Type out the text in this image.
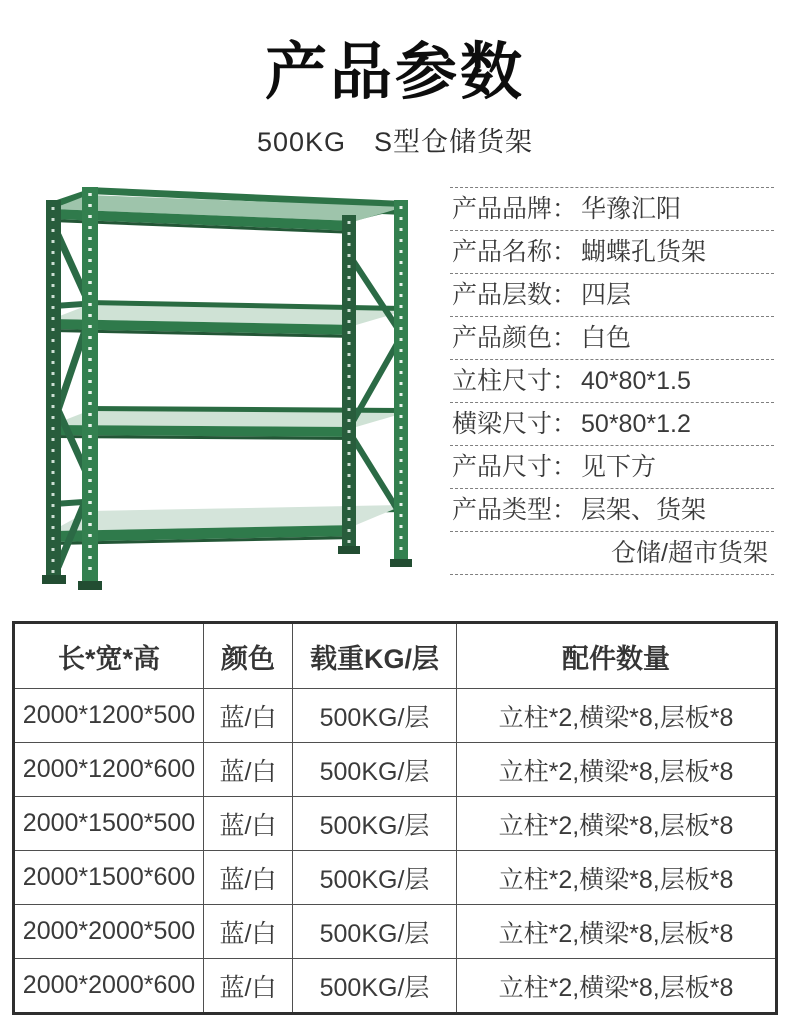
产品参数
500KG　S型仓储货架
产品品牌： 华豫汇阳
产品名称： 蝴蝶孔货架
产品层数： 四层
产品颜色： 白色
立柱尺寸： 40*80*1.5
横梁尺寸： 50*80*1.2
产品尺寸： 见下方
产品类型： 层架、货架
仓储/超市货架
长*宽*高	颜色	载重KG/层	配件数量
2000*1200*500	蓝/白	500KG/层	立柱*2,横梁*8,层板*8
2000*1200*600	蓝/白	500KG/层	立柱*2,横梁*8,层板*8
2000*1500*500	蓝/白	500KG/层	立柱*2,横梁*8,层板*8
2000*1500*600	蓝/白	500KG/层	立柱*2,横梁*8,层板*8
2000*2000*500	蓝/白	500KG/层	立柱*2,横梁*8,层板*8
2000*2000*600	蓝/白	500KG/层	立柱*2,横梁*8,层板*8
